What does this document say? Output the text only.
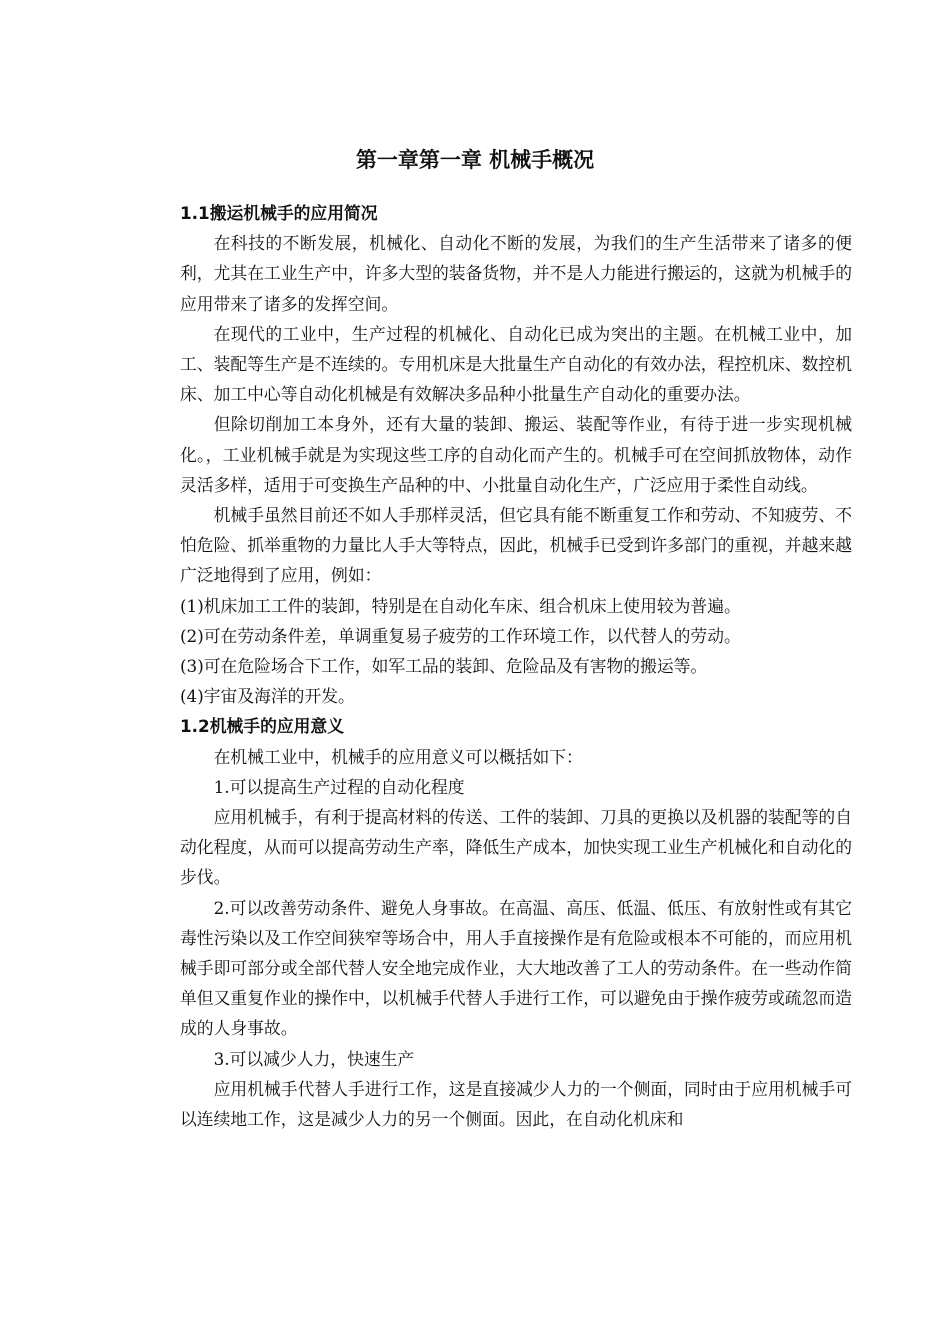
第一章第一章 机械手概况

1.1搬运机械手的应用简况

在科技的不断发展，机械化、自动化不断的发展，为我们的生产生活带来了诸多的便利，尤其在工业生产中，许多大型的装备货物，并不是人力能进行搬运的，这就为机械手的应用带来了诸多的发挥空间。

在现代的工业中，生产过程的机械化、自动化已成为突出的主题。在机械工业中，加工、装配等生产是不连续的。专用机床是大批量生产自动化的有效办法，程控机床、数控机床、加工中心等自动化机械是有效解决多品种小批量生产自动化的重要办法。

但除切削加工本身外，还有大量的装卸、搬运、装配等作业，有待于进一步实现机械化。，工业机械手就是为实现这些工序的自动化而产生的。机械手可在空间抓放物体，动作灵活多样，适用于可变换生产品种的中、小批量自动化生产，广泛应用于柔性自动线。

机械手虽然目前还不如人手那样灵活，但它具有能不断重复工作和劳动、不知疲劳、不怕危险、抓举重物的力量比人手大等特点，因此，机械手已受到许多部门的重视，并越来越广泛地得到了应用，例如：

(1)机床加工工件的装卸，特别是在自动化车床、组合机床上使用较为普遍。

(2)可在劳动条件差，单调重复易子疲劳的工作环境工作，以代替人的劳动。

(3)可在危险场合下工作，如军工品的装卸、危险品及有害物的搬运等。

(4)宇宙及海洋的开发。

1.2机械手的应用意义

在机械工业中，机械手的应用意义可以概括如下：

1.可以提高生产过程的自动化程度

应用机械手，有利于提高材料的传送、工件的装卸、刀具的更换以及机器的装配等的自动化程度，从而可以提高劳动生产率，降低生产成本，加快实现工业生产机械化和自动化的步伐。

2.可以改善劳动条件、避免人身事故。在高温、高压、低温、低压、有放射性或有其它毒性污染以及工作空间狭窄等场合中，用人手直接操作是有危险或根本不可能的，而应用机械手即可部分或全部代替人安全地完成作业，大大地改善了工人的劳动条件。在一些动作简单但又重复作业的操作中，以机械手代替人手进行工作，可以避免由于操作疲劳或疏忽而造成的人身事故。

3.可以减少人力，快速生产

应用机械手代替人手进行工作，这是直接减少人力的一个侧面，同时由于应用机械手可以连续地工作，这是减少人力的另一个侧面。因此，在自动化机床和
